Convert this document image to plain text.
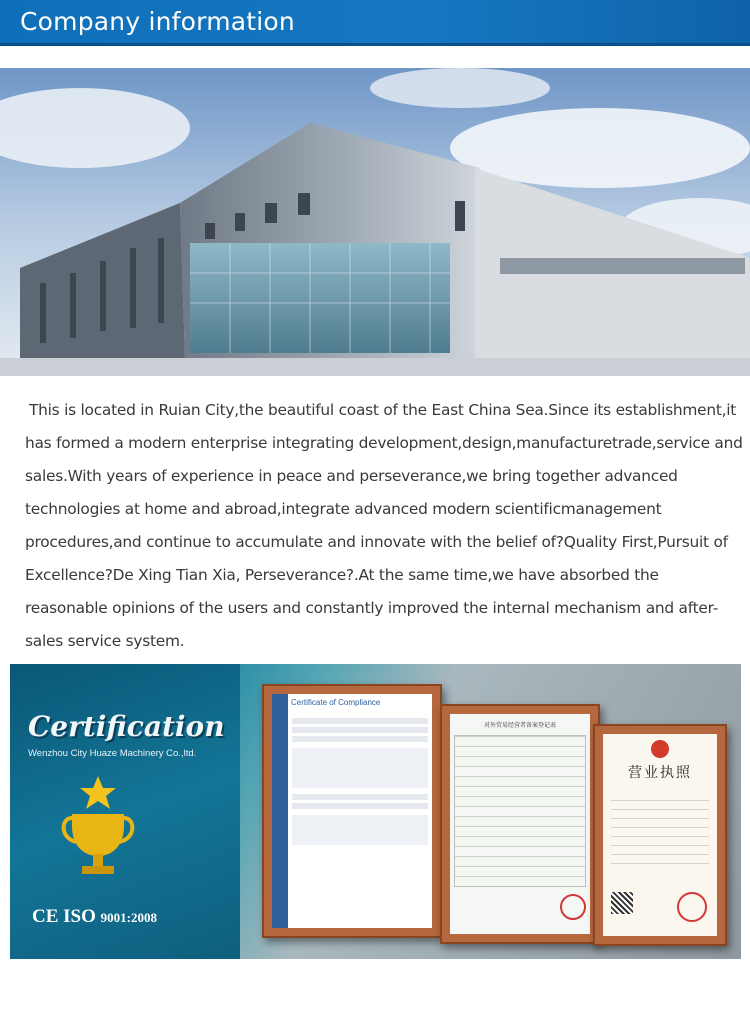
Company information

This is located in Ruian City,the beautiful coast of the East China Sea.Since its establishment,it has formed a modern enterprise integrating development,design,manufacturetrade,service and sales.With years of experience in peace and perseverance,we bring together advanced technologies at home and abroad,integrate advanced modern scientificmanagement procedures,and continue to accumulate and innovate with the belief of?Quality First,Pursuit of Excellence?De Xing Tian Xia, Perseverance?.At the same time,we have absorbed the reasonable opinions of the users and constantly improved the internal mechanism and after-sales service system.

Certification
Wenzhou City Huaze Machinery Co.,ltd.
CE ISO 9001:2008
Certificate of Compliance
对外贸易经营者备案登记表
营业执照
